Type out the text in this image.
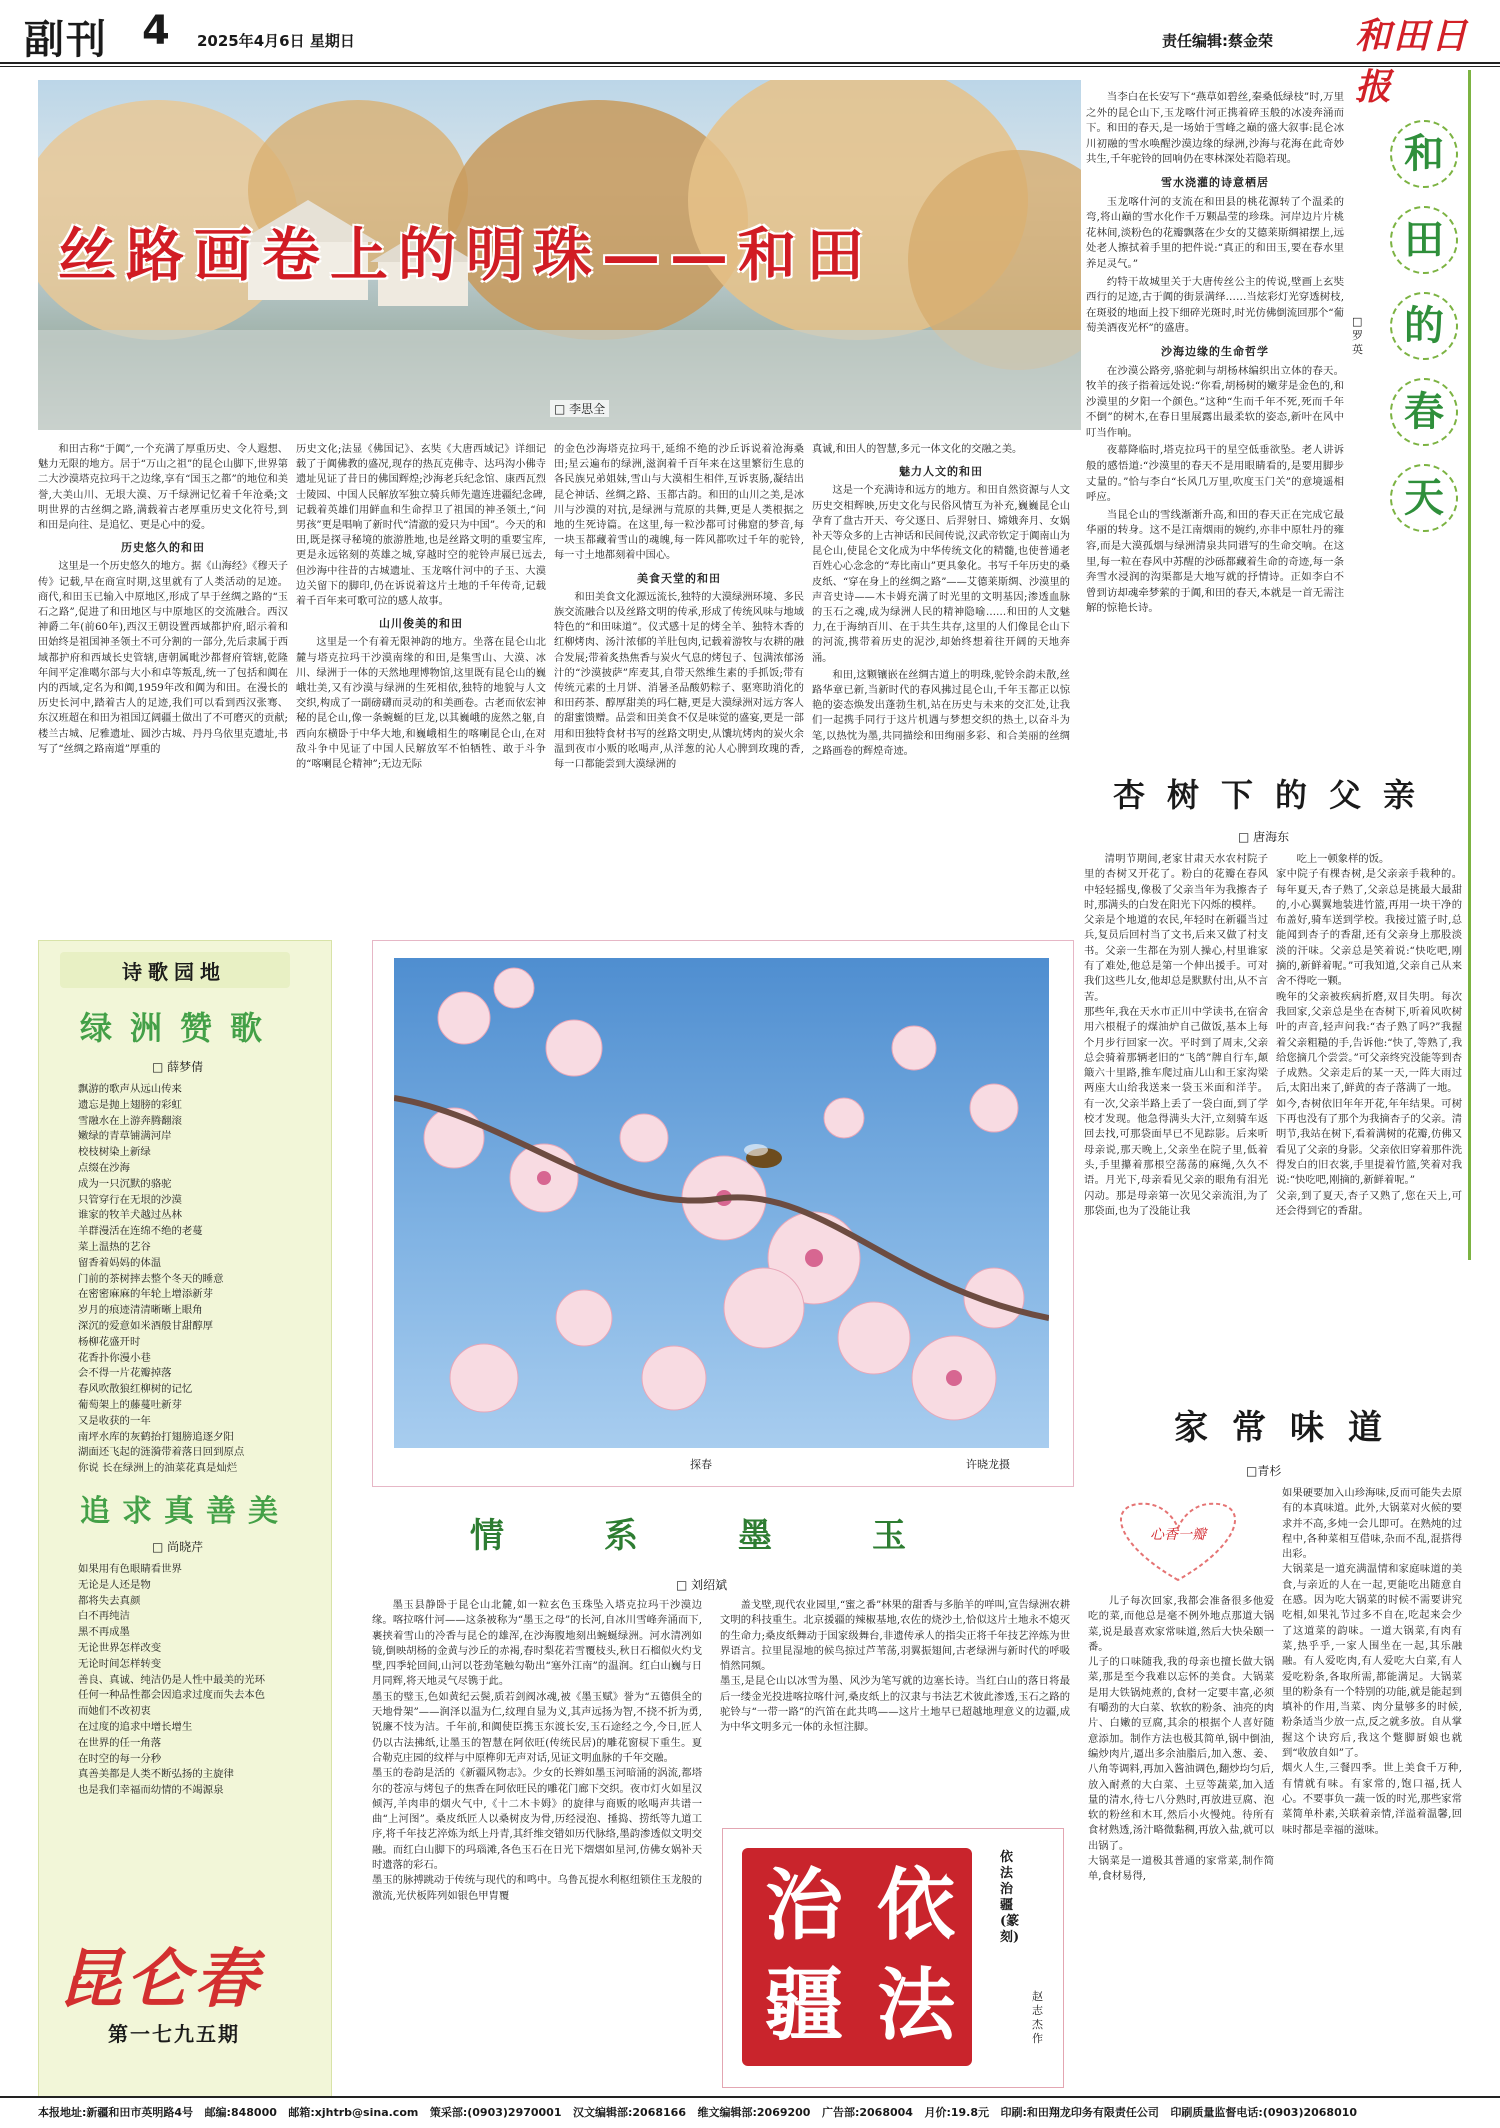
副刊 4 2025年4月6日 星期日	责任编辑:蔡金荣 和田日报
丝路画卷上的明珠——和田
□ 李思全

和田古称“于阗”,一个充满了厚重历史、令人遐想、魅力无限的地方。居于“万山之祖”的昆仑山脚下,世界第二大沙漠塔克拉玛干之边缘,享有“国玉之都”的地位和美誉,大美山川、无垠大漠、万千绿洲记忆着千年沧桑;文明世界的古丝绸之路,满载着古老厚重历史文化符号,到和田是向往、是追忆、更是心中的爱。

历史悠久的和田

这里是一个历史悠久的地方。据《山海经》《穆天子传》记载,早在商宣时期,这里就有了人类活动的足迹。商代,和田玉已输入中原地区,形成了早于丝绸之路的“玉石之路”,促进了和田地区与中原地区的交流融合。西汉神爵二年(前60年),西汉王朝设置西域都护府,昭示着和田始终是祖国神圣领土不可分割的一部分,先后隶属于西域都护府和西域长史管辖,唐朝属毗沙都督府管辖,乾隆年间平定准噶尔部与大小和卓等叛乱,统一了包括和阗在内的西域,定名为和阗,1959年改和阗为和田。在漫长的历史长河中,踏着古人的足迹,我们可以看到西汉张骞、东汉班超在和田为祖国辽阔疆土做出了不可磨灭的贡献;楼兰古城、尼雅遗址、圆沙古城、丹丹乌依里克遗址,书写了“丝绸之路南道”厚重的

历史文化;法显《佛国记》、玄奘《大唐西域记》详细记载了于阗佛教的盛况,现存的热瓦克佛寺、达玛沟小佛寺遗址见证了昔日的佛国辉煌;沙海老兵纪念馆、康西瓦烈士陵园、中国人民解放军独立骑兵师先遣连进疆纪念碑,记载着英雄们用鲜血和生命捍卫了祖国的神圣领土,“问男孩”更是唱响了新时代“清澈的爱只为中国”。今天的和田,既是探寻秘境的旅游胜地,也是丝路文明的重要宝库,更是永远铭刻的英雄之城,穿越时空的驼铃声展已远去,但沙海中往昔的古城遗址、玉龙喀什河中的子玉、大漠边关留下的脚印,仍在诉说着这片土地的千年传奇,记载着千百年来可歌可泣的感人故事。

山川俊美的和田

这里是一个有着无限神韵的地方。坐落在昆仑山北麓与塔克拉玛干沙漠南缘的和田,是集雪山、大漠、冰川、绿洲于一体的天然地理博物馆,这里既有昆仑山的巍峨壮美,又有沙漠与绿洲的生死相依,独特的地貌与人文交织,构成了一副磅礴而灵动的和美画卷。古老而依宏神秘的昆仑山,像一条蜿蜒的巨龙,以其巍峨的庞然之躯,自西向东横卧于中华大地,和巍峨相生的喀喇昆仑山,在对敌斗争中见证了中国人民解放军不怕牺牲、敢于斗争的“喀喇昆仑精神”;无边无际

的金色沙海塔克拉玛干,延绵不绝的沙丘诉说着沧海桑田;星云遍布的绿洲,滋润着千百年来在这里繁衍生息的各民族兄弟姐妹,雪山与大漠相生相伴,互诉衷肠,凝结出昆仑神话、丝绸之路、玉都古韵。和田的山川之美,是冰川与沙漠的对抗,是绿洲与荒原的共舞,更是人类根据之地的生死诗篇。在这里,每一粒沙都可讨佛窟的梦音,每一块玉都藏着雪山的魂魄,每一阵风都吹过千年的驼铃,每一寸土地都刻着中国心。

美食天堂的和田

和田美食文化源远流长,独特的大漠绿洲环境、多民族交流融合以及丝路文明的传承,形成了传统风味与地域特色的“和田味道”。仪式感十足的烤全羊、独特木香的红柳烤肉、汤汁浓郁的羊肚包肉,记载着游牧与农耕的融合发展;带着炙热焦香与炭火气息的烤包子、包满浓郁汤汁的“沙漠披萨”库麦其,自带天然维生素的手抓饭;带有传统元素的土月饼、消暑圣品酸奶粽子、驱寒助消化的和田药茶、醇厚甜美的玛仁糖,更是大漠绿洲对远方客人的甜蜜馈赠。品尝和田美食不仅是味觉的盛宴,更是一部用和田独特食材书写的丝路文明史,从馕坑烤肉的炭火余温到夜市小贩的吆喝声,从洋葱的沁人心脾到玫瑰的香,每一口都能尝到大漠绿洲的

真诚,和田人的智慧,多元一体文化的交融之美。

魅力人文的和田

这是一个充满诗和远方的地方。和田自然资源与人文历史交相辉映,历史文化与民俗风情互为补充,巍巍昆仑山孕育了盘古开天、夸父逐日、后羿射日、嫦娥奔月、女娲补天等众多的上古神话和民间传说,汉武帝钦定于阗南山为昆仑山,使昆仑文化成为中华传统文化的精髓,也使普通老百姓心心念念的“寿比南山”更具象化。书写千年历史的桑皮纸、“穿在身上的丝绸之路”——艾德莱斯绸、沙漠里的声音史诗——木卡姆充满了时光里的文明基因;渗透血脉的玉石之魂,成为绿洲人民的精神隐喻……和田的人文魅力,在于海纳百川、在于共生共存,这里的人们像昆仑山下的河流,携带着历史的泥沙,却始终想着往开阔的天地奔涌。

和田,这颗镶嵌在丝绸古道上的明珠,驼铃余韵未散,丝路华章已新,当新时代的春风拂过昆仑山,千年玉都正以惊艳的姿态焕发出蓬勃生机,站在历史与未来的交汇处,让我们一起携手同行于这片机遇与梦想交织的热土,以奋斗为笔,以热忱为墨,共同描绘和田绚丽多彩、和合美丽的丝绸之路画卷的辉煌奇迹。

当李白在长安写下“燕草如碧丝,秦桑低绿枝”时,万里之外的昆仑山下,玉龙喀什河正携着碎玉般的冰凌奔涌而下。和田的春天,是一场始于雪峰之巅的盛大叙事:昆仑冰川初融的雪水唤醒沙漠边缘的绿洲,沙海与花海在此奇妙共生,千年驼铃的回响仍在枣林深处若隐若现。

雪水浇灌的诗意栖居

玉龙喀什河的支流在和田县的桃花源转了个温柔的弯,将山巅的雪水化作千万颗晶莹的珍珠。河岸边片片桃花林间,淡粉色的花瓣飘落在少女的艾德莱斯绸裙摆上,远处老人擦拭着手里的把件说:“真正的和田玉,要在春水里养足灵气。”

约特干故城里关于大唐传丝公主的传说,壁画上玄奘西行的足迹,古于阗的街景满绎……当炫彩灯光穿透树枝,在斑驳的地面上投下细碎光斑时,时光仿佛倒流回那个“葡萄美酒夜光杯”的盛唐。

沙海边缘的生命哲学

在沙漠公路旁,骆驼刺与胡杨林编织出立体的春天。牧羊的孩子指着远处说:“你看,胡杨树的嫩芽是金色的,和沙漠里的夕阳一个颜色。”这种“生而千年不死,死而千年不倒”的树木,在春日里展露出最柔软的姿态,新叶在风中叮当作响。

夜幕降临时,塔克拉玛干的星空低垂欲坠。老人讲诉般的感悟道:“沙漠里的春天不是用眼睛看的,是要用脚步丈量的。”恰与李白“长风几万里,吹度玉门关”的意境遥相呼应。

当昆仑山的雪线渐渐升高,和田的春天正在完成它最华丽的转身。这不是江南烟雨的婉约,亦非中原牡丹的雍容,而是大漠孤烟与绿洲清泉共同谱写的生命交响。在这里,每一粒在春风中苏醒的沙砾都藏着生命的奇迹,每一条奔雪水浸润的沟渠都是大地写就的抒情诗。正如李白不曾到访却魂牵梦萦的于阗,和田的春天,本就是一首无需注解的惊艳长诗。

和
田
的
春
天
□
罗英
杏树下的父亲
□ 唐海东
清明节期间,老家甘肃天水农村院子里的杏树又开花了。粉白的花瓣在春风中轻轻摇曳,像极了父亲当年为我擦杏子时,那满头的白发在阳光下闪烁的模样。
父亲是个地道的农民,年轻时在新疆当过兵,复员后回村当了文书,后来又做了村支书。父亲一生都在为别人操心,村里谁家有了难处,他总是第一个伸出援手。可对我们这些儿女,他却总是默默付出,从不言苦。
那些年,我在天水市正川中学读书,在宿舍用六根棍子的煤油炉自己做饭,基本上每个月步行回家一次。平时到了周末,父亲总会骑着那辆老旧的“飞鸽”牌自行车,颠簸六十里路,推车爬过庙儿山和王家沟梁两座大山给我送来一袋玉米面和洋芋。有一次,父亲半路上丢了一袋白面,到了学校才发现。他急得满头大汗,立刻骑车返回去找,可那袋面早已不见踪影。后来听母亲说,那天晚上,父亲坐在院子里,低着头,手里攥着那根空荡荡的麻绳,久久不语。月光下,母亲看见父亲的眼角有泪光闪动。那是母亲第一次见父亲流泪,为了那袋面,也为了没能让我
吃上一顿象样的饭。
家中院子有棵杏树,是父亲亲手栽种的。每年夏天,杏子熟了,父亲总是挑最大最甜的,小心翼翼地装进竹篮,再用一块干净的布盖好,骑车送到学校。我接过篮子时,总能闻到杏子的香甜,还有父亲身上那股淡淡的汗味。父亲总是笑着说:“快吃吧,刚摘的,新鲜着呢。”可我知道,父亲自己从来舍不得吃一颗。
晚年的父亲被疾病折磨,双目失明。每次我回家,父亲总是坐在杏树下,听着风吹树叶的声音,轻声问我:“杏子熟了吗?”我握着父亲粗糙的手,告诉他:“快了,等熟了,我给您摘几个尝尝。”可父亲终究没能等到杏子成熟。父亲走后的某一天,一阵大雨过后,太阳出来了,鲜黄的杏子落满了一地。
如今,杏树依旧年年开花,年年结果。可树下再也没有了那个为我摘杏子的父亲。清明节,我站在树下,看着满树的花瓣,仿佛又看见了父亲的身影。父亲依旧穿着那件洗得发白的旧衣裳,手里提着竹篮,笑着对我说:“快吃吧,刚摘的,新鲜着呢。”
父亲,到了夏天,杏子又熟了,您在天上,可还会得到它的香甜。
家常味道
□青杉
心香一瓣
儿子每次回家,我都会准备很多他爱吃的菜,而他总是毫不例外地点那道大锅菜,说是最喜欢家常味道,然后大快朵颐一番。
儿子的口味随我,我的母亲也擅长做大锅菜,那是至今我难以忘怀的美食。大锅菜是用大铁锅炖煮的,食材一定要丰富,必须有嚼劲的大白菜、软软的粉条、油亮的肉片、白嫩的豆腐,其余的根据个人喜好随意添加。制作方法也极其简单,锅中倒油,编炒肉片,逼出多余油脂后,加入葱、姜、八角等调料,再加入酱油调色,翻炒均匀后,放入耐煮的大白菜、土豆等蔬菜,加入适量的清水,待七八分熟时,再放进豆腐、泡软的粉丝和木耳,然后小火慢炖。待所有食材熟透,汤汁略微黏稠,再放入盐,就可以出锅了。
大锅菜是一道极其普通的家常菜,制作简单,食材易得,
如果硬要加入山珍海味,反而可能失去原有的本真味道。此外,大锅菜对火候的要求并不高,多炖一会儿即可。在熟炖的过程中,各种菜相互借味,杂而不乱,混搭得出彩。
大锅菜是一道充满温情和家庭味道的美食,与亲近的人在一起,更能吃出随意自在感。因为吃大锅菜的时候不需要讲究吃相,如果礼节过多不自在,吃起来会少了这道菜的韵味。一道大锅菜,有肉有菜,热乎乎,一家人围坐在一起,其乐融融。有人爱吃肉,有人爱吃大白菜,有人爱吃粉条,各取所需,都能满足。大锅菜里的粉条有一个特别的功能,就是能起到填补的作用,当菜、肉分量够多的时候,粉条适当少放一点,反之就多放。自从掌握这个诀窍后,我这个蹩脚厨娘也就到“收放自如”了。
烟火人生,三餐四季。世上美食千万种,有情就有味。有家常的,饱口福,抚人心。不要事负一蔬一饭的时光,那些家常菜简单朴素,关联着亲情,洋溢着温馨,回味时都是幸福的滋味。
诗歌园地
绿洲赞歌
□ 薛梦倩
飘游的歌声从远山传来
遗忘是抛上翅膀的彩虹
雪融水在上游奔腾翻滚
嫩绿的青草铺满河岸
校枝树染上新绿
点缀在沙海
成为一只沉默的骆驼
只管穿行在无垠的沙漠
谁家的牧羊犬越过丛林
羊群漫活在连绵不绝的老蔓
菜上温热的艺谷
留香着妈妈的体温
门前的茶树摔去整个冬天的睡意
在密密麻麻的年轮上增添新芽
岁月的痕迹清清晰晰上眼角
深沉的爱意如米酒般甘甜醇厚
杨柳花盛开时
花香扑你漫小巷
会不得一片花瓣掉落
春风吹散狼红柳树的记忆
葡萄架上的藤蔓吐新芽
又是收获的一年
南坪水库的灰鹤抬打翅膀追逐夕阳
湖面还飞起的涟漪带着落日回到原点
你说 长在绿洲上的油菜花真是灿烂
追求真善美
□ 尚晓芹
如果用有色眼睛看世界
无论是人还是物
都将失去真颜
白不再纯洁
黑不再成墨
无论世界怎样改变
无论时间怎样转变
善良、真诚、纯洁仍是人性中最美的光环
任何一种品性都会因追求过度而失去本色
而她们不改初衷
在过度的追求中增长增生
在世界的任一角落
在时空的每一分秒
真善美都是人类不断弘扬的主旋律
也是我们幸福而幼情的不竭源泉
昆仑春
第一七九五期
探春	许晓龙摄
情	系	墨	玉
□ 刘绍斌
墨玉县静卧于昆仑山北麓,如一粒玄色玉珠坠入塔克拉玛干沙漠边缘。喀拉喀什河——这条被称为“墨玉之母”的长河,自冰川雪峰奔涌而下,裹挟着雪山的冷香与昆仑的雄浑,在沙海腹地刻出蜿蜒绿洲。河水清冽如镜,倒映胡杨的金黄与沙丘的赤褐,春时梨花若雪覆枝头,秋日石榴似火灼戈壁,四季轮回间,山河以苍劲笔触勾勒出“塞外江南”的温润。红白山巍与日月同辉,将天地灵气尽镌于此。
墨玉的璧玉,色如黄纪云鬓,质若剑阀冰魂,被《墨玉赋》誉为“五德俱全的天地骨架”——润泽以温为仁,纹理自显为义,其声远扬为智,不挠不折为勇,锐廉不忮为洁。千年前,和阗使臣携玉东渡长安,玉石途经之今,今日,匠人仍以古法拂纸,让墨玉的智慧在阿依旺(传统民居)的雕花窗棂下重生。夏合勒克庄园的纹样与中原榫卯无声对话,见证文明血脉的千年交融。
墨玉的卷韵是活的《新疆风物志》。少女的长辫如墨玉河暗涌的涡流,都塔尔的苍凉与烤包子的焦香在阿依旺民的雕花门廊下交织。夜市灯火如星汉倾泻,羊肉串的烟火气中,《十二木卡姆》的旋律与商贩的吆喝声共谱一曲“上河图”。桑皮纸匠人以桑树皮为骨,历经浸泡、捶捣、捞纸等九道工序,将千年技艺淬炼为纸上丹青,其纤维交错如历代脉络,墨韵渗透似文明交融。而红白山脚下的玛瑙滩,各色玉石在日光下熠熠如星河,仿佛女娲补天时遗落的彩石。
墨玉的脉搏跳动于传统与现代的和鸣中。乌鲁瓦提水利枢纽锁住玉龙般的激流,光伏板阵列如银色甲胄覆
盖戈壁,现代农业园里,“蜜之番”林果的甜香与多胎羊的咩叫,宣告绿洲农耕文明的科技重生。北京援疆的辣椒基地,农佐的烧沙土,恰似这片土地永不熄灭的生命力;桑皮纸舞动于国家级舞台,非遗传承人的指尖正将千年技艺淬炼为世界语言。拉里昆湿地的候鸟掠过芦苇荡,羽翼振翅间,古老绿洲与新时代的呼吸悄然同频。
墨玉,是昆仑山以冰雪为墨、风沙为笔写就的边塞长诗。当红白山的落日将最后一缕金光投进喀拉喀什河,桑皮纸上的汉隶与书法艺术彼此渗透,玉石之路的驼铃与“一带一路”的汽笛在此共鸣——这片土地早已超越地理意义的边疆,成为中华文明多元一体的永恒注脚。
依
法
治
疆
依法治疆(篆刻)
赵志杰作
本报地址:新疆和田市英明路4号 邮编:848000 邮箱:xjhtrb@sina.com 策采部:(0903)2970001 汉文编辑部:2068166 维文编辑部:2069200 广告部:2068004 月价:19.8元 印刷:和田翔龙印务有限责任公司 印刷质量监督电话:(0903)2068010
